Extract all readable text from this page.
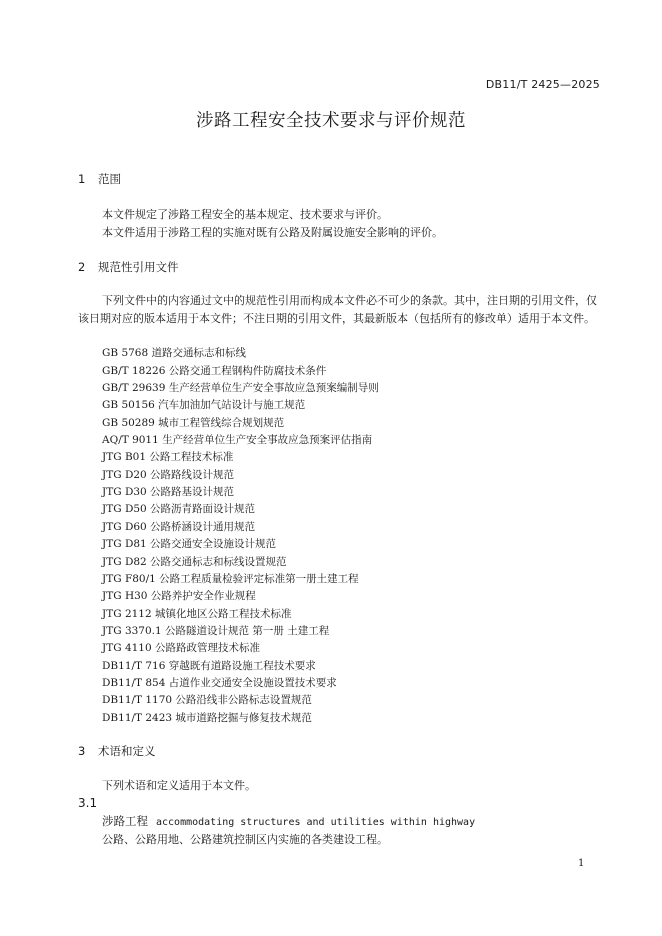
DB11/T 2425—2025
涉路工程安全技术要求与评价规范
1 范围
本文件规定了涉路工程安全的基本规定、技术要求与评价。
本文件适用于涉路工程的实施对既有公路及附属设施安全影响的评价。
2 规范性引用文件
下列文件中的内容通过文中的规范性引用而构成本文件必不可少的条款。其中，注日期的引用文件，仅该日期对应的版本适用于本文件；不注日期的引用文件，其最新版本（包括所有的修改单）适用于本文件。
GB 5768 道路交通标志和标线
GB/T 18226 公路交通工程钢构件防腐技术条件
GB/T 29639 生产经营单位生产安全事故应急预案编制导则
GB 50156 汽车加油加气站设计与施工规范
GB 50289 城市工程管线综合规划规范
AQ/T 9011 生产经营单位生产安全事故应急预案评估指南
JTG B01 公路工程技术标准
JTG D20 公路路线设计规范
JTG D30 公路路基设计规范
JTG D50 公路沥青路面设计规范
JTG D60 公路桥涵设计通用规范
JTG D81 公路交通安全设施设计规范
JTG D82 公路交通标志和标线设置规范
JTG F80/1 公路工程质量检验评定标准第一册土建工程
JTG H30 公路养护安全作业规程
JTG 2112 城镇化地区公路工程技术标准
JTG 3370.1 公路隧道设计规范 第一册 土建工程
JTG 4110 公路路政管理技术标准
DB11/T 716 穿越既有道路设施工程技术要求
DB11/T 854 占道作业交通安全设施设置技术要求
DB11/T 1170 公路沿线非公路标志设置规范
DB11/T 2423 城市道路挖掘与修复技术规范
3 术语和定义
下列术语和定义适用于本文件。
3.1
涉路工程 accommodating structures and utilities within highway
公路、公路用地、公路建筑控制区内实施的各类建设工程。
1
